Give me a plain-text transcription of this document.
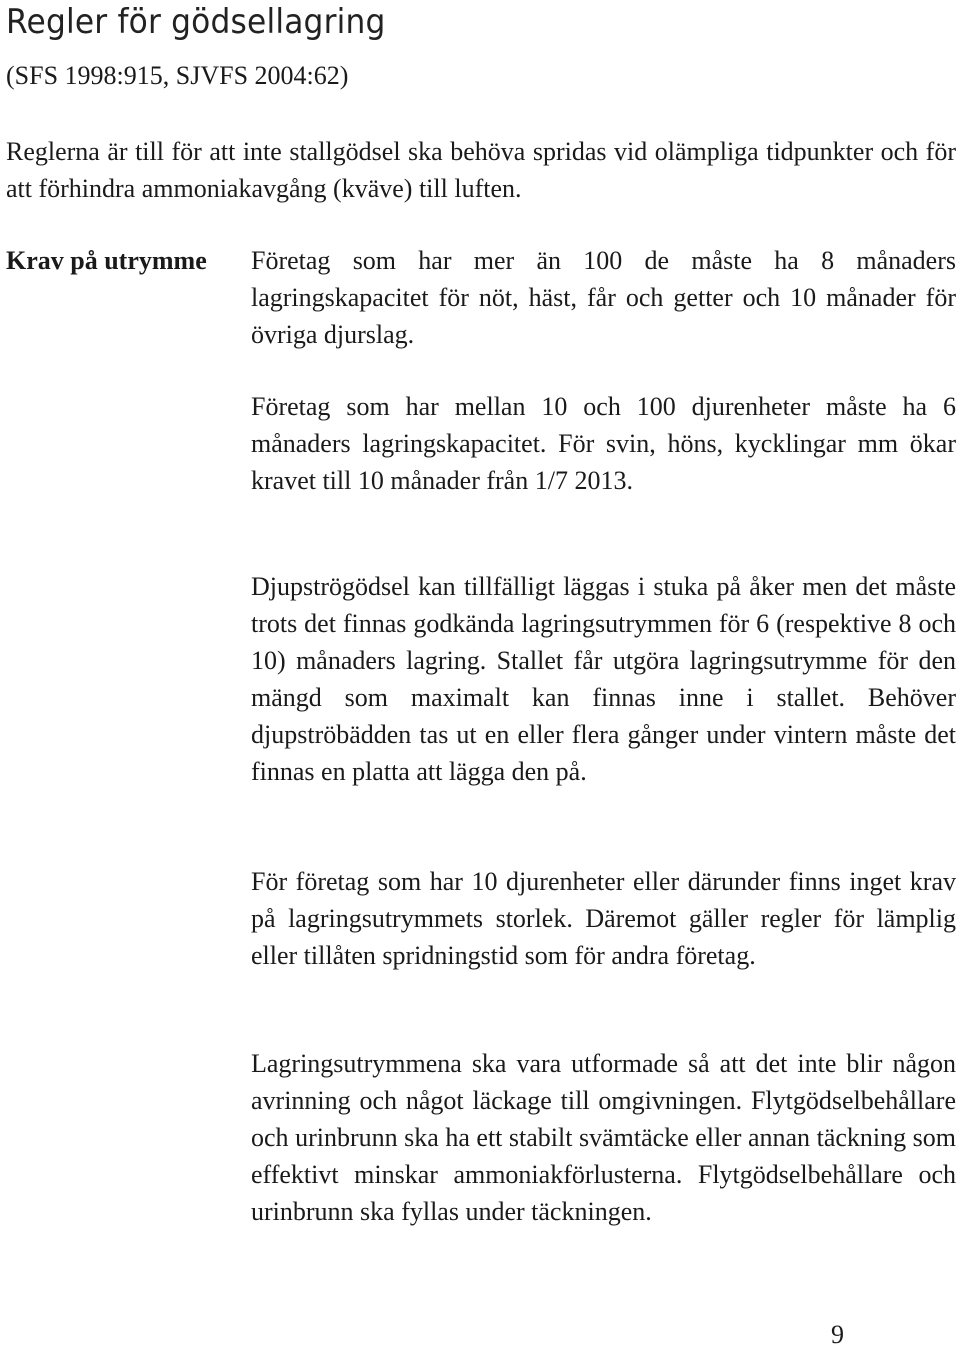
Regler för gödsellagring
(SFS 1998:915, SJVFS 2004:62)

Reglerna är till för att inte stallgödsel ska behöva spridas vid olämpliga tidpunkter och för att förhindra ammoniakavgång (kväve) till luften.

Krav på utrymme Företag som har mer än 100 de måste ha 8 månaders lagringskapacitet för nöt, häst, får och getter och 10 månader för övriga djurslag.

Företag som har mellan 10 och 100 djurenheter måste ha 6 månaders lagringskapacitet. För svin, höns, kycklingar mm ökar kravet till 10 månader från 1/7 2013.

Djupströgödsel kan tillfälligt läggas i stuka på åker men det måste trots det finnas godkända lagringsutrymmen för 6 (respektive 8 och 10) månaders lagring. Stallet får utgöra lagringsutrymme för den mängd som maximalt kan finnas inne i stallet. Behöver djupströbädden tas ut en eller flera gånger under vintern måste det finnas en platta att lägga den på.

För företag som har 10 djurenheter eller därunder finns inget krav på lagringsutrymmets storlek. Däremot gäller regler för lämplig eller tillåten spridningstid som för andra företag.

Lagringsutrymmena ska vara utformade så att det inte blir någon avrinning och något läckage till omgivningen. Flytgödselbehållare och urinbrunn ska ha ett stabilt svämtäcke eller annan täckning som effektivt minskar ammoniakförlusterna. Flytgödselbehållare och urinbrunn ska fyllas under täckningen.

9
